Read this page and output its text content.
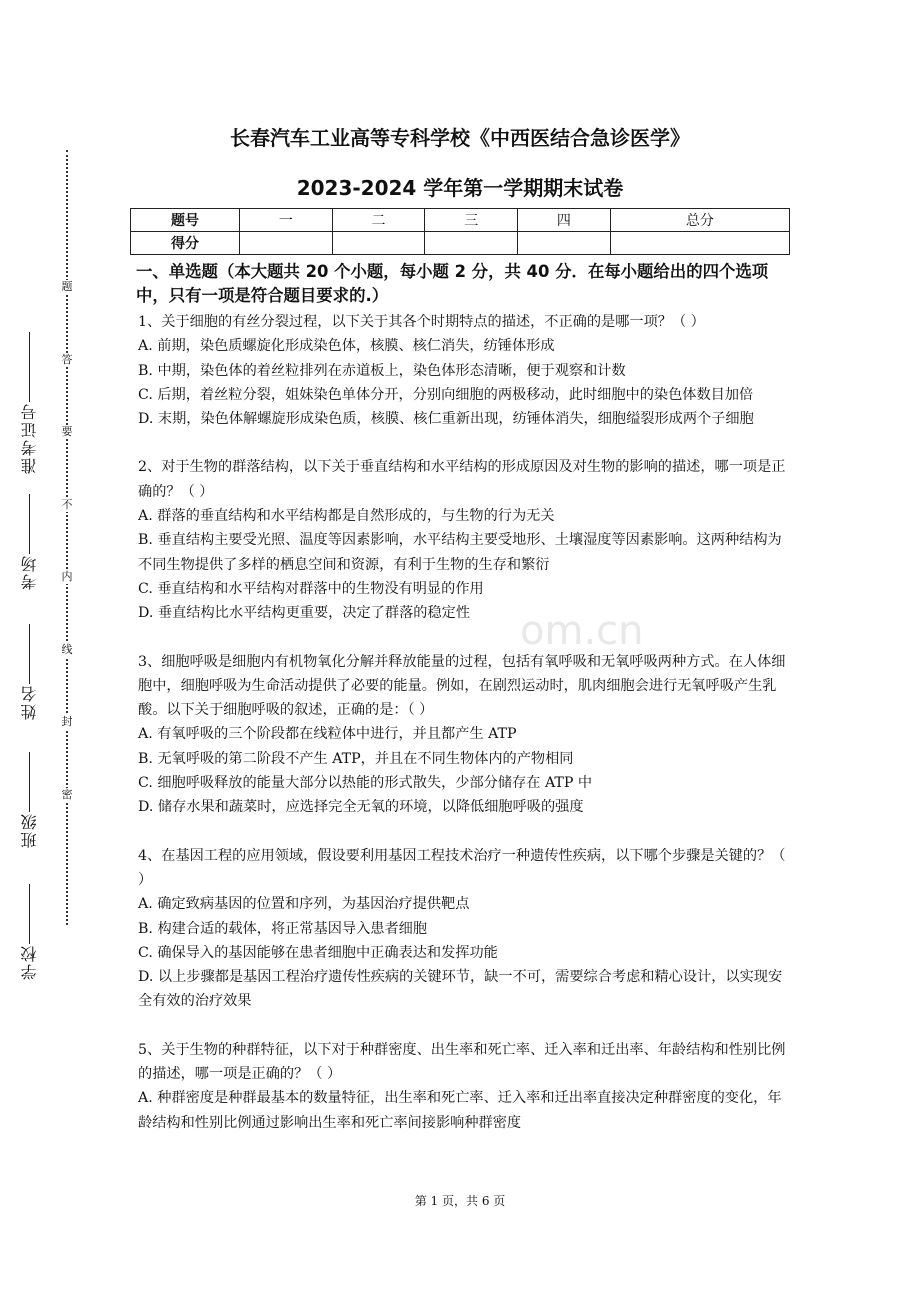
学校
班级
姓名
考场
准考证号
题
答
要
不
内
线
封
密
长春汽车工业高等专科学校《中西医结合急诊医学》
2023-2024 学年第一学期期末试卷
题号	一	二	三	四	总分
得分					
一、单选题（本大题共 20 个小题，每小题 2 分，共 40 分．在每小题给出的四个选项中，只有一项是符合题目要求的.）
1、关于细胞的有丝分裂过程，以下关于其各个时期特点的描述，不正确的是哪一项？（ ）
A. 前期，染色质螺旋化形成染色体，核膜、核仁消失，纺锤体形成
B. 中期，染色体的着丝粒排列在赤道板上，染色体形态清晰，便于观察和计数
C. 后期，着丝粒分裂，姐妹染色单体分开，分别向细胞的两极移动，此时细胞中的染色体数目加倍
D. 末期，染色体解螺旋形成染色质，核膜、核仁重新出现，纺锤体消失，细胞缢裂形成两个子细胞
2、对于生物的群落结构，以下关于垂直结构和水平结构的形成原因及对生物的影响的描述，哪一项是正确的？（ ）
A. 群落的垂直结构和水平结构都是自然形成的，与生物的行为无关
B. 垂直结构主要受光照、温度等因素影响，水平结构主要受地形、土壤湿度等因素影响。这两种结构为不同生物提供了多样的栖息空间和资源，有利于生物的生存和繁衍
C. 垂直结构和水平结构对群落中的生物没有明显的作用
D. 垂直结构比水平结构更重要，决定了群落的稳定性
3、细胞呼吸是细胞内有机物氧化分解并释放能量的过程，包括有氧呼吸和无氧呼吸两种方式。在人体细胞中，细胞呼吸为生命活动提供了必要的能量。例如，在剧烈运动时，肌肉细胞会进行无氧呼吸产生乳酸。以下关于细胞呼吸的叙述，正确的是：（ ）
A. 有氧呼吸的三个阶段都在线粒体中进行，并且都产生 ATP
B. 无氧呼吸的第二阶段不产生 ATP，并且在不同生物体内的产物相同
C. 细胞呼吸释放的能量大部分以热能的形式散失，少部分储存在 ATP 中
D. 储存水果和蔬菜时，应选择完全无氧的环境，以降低细胞呼吸的强度
4、在基因工程的应用领域，假设要利用基因工程技术治疗一种遗传性疾病，以下哪个步骤是关键的？（ ）
A. 确定致病基因的位置和序列，为基因治疗提供靶点
B. 构建合适的载体，将正常基因导入患者细胞
C. 确保导入的基因能够在患者细胞中正确表达和发挥功能
D. 以上步骤都是基因工程治疗遗传性疾病的关键环节，缺一不可，需要综合考虑和精心设计，以实现安全有效的治疗效果
5、关于生物的种群特征，以下对于种群密度、出生率和死亡率、迁入率和迁出率、年龄结构和性别比例的描述，哪一项是正确的？（ ）
A. 种群密度是种群最基本的数量特征，出生率和死亡率、迁入率和迁出率直接决定种群密度的变化，年龄结构和性别比例通过影响出生率和死亡率间接影响种群密度
om.cn
第 1 页，共 6 页
